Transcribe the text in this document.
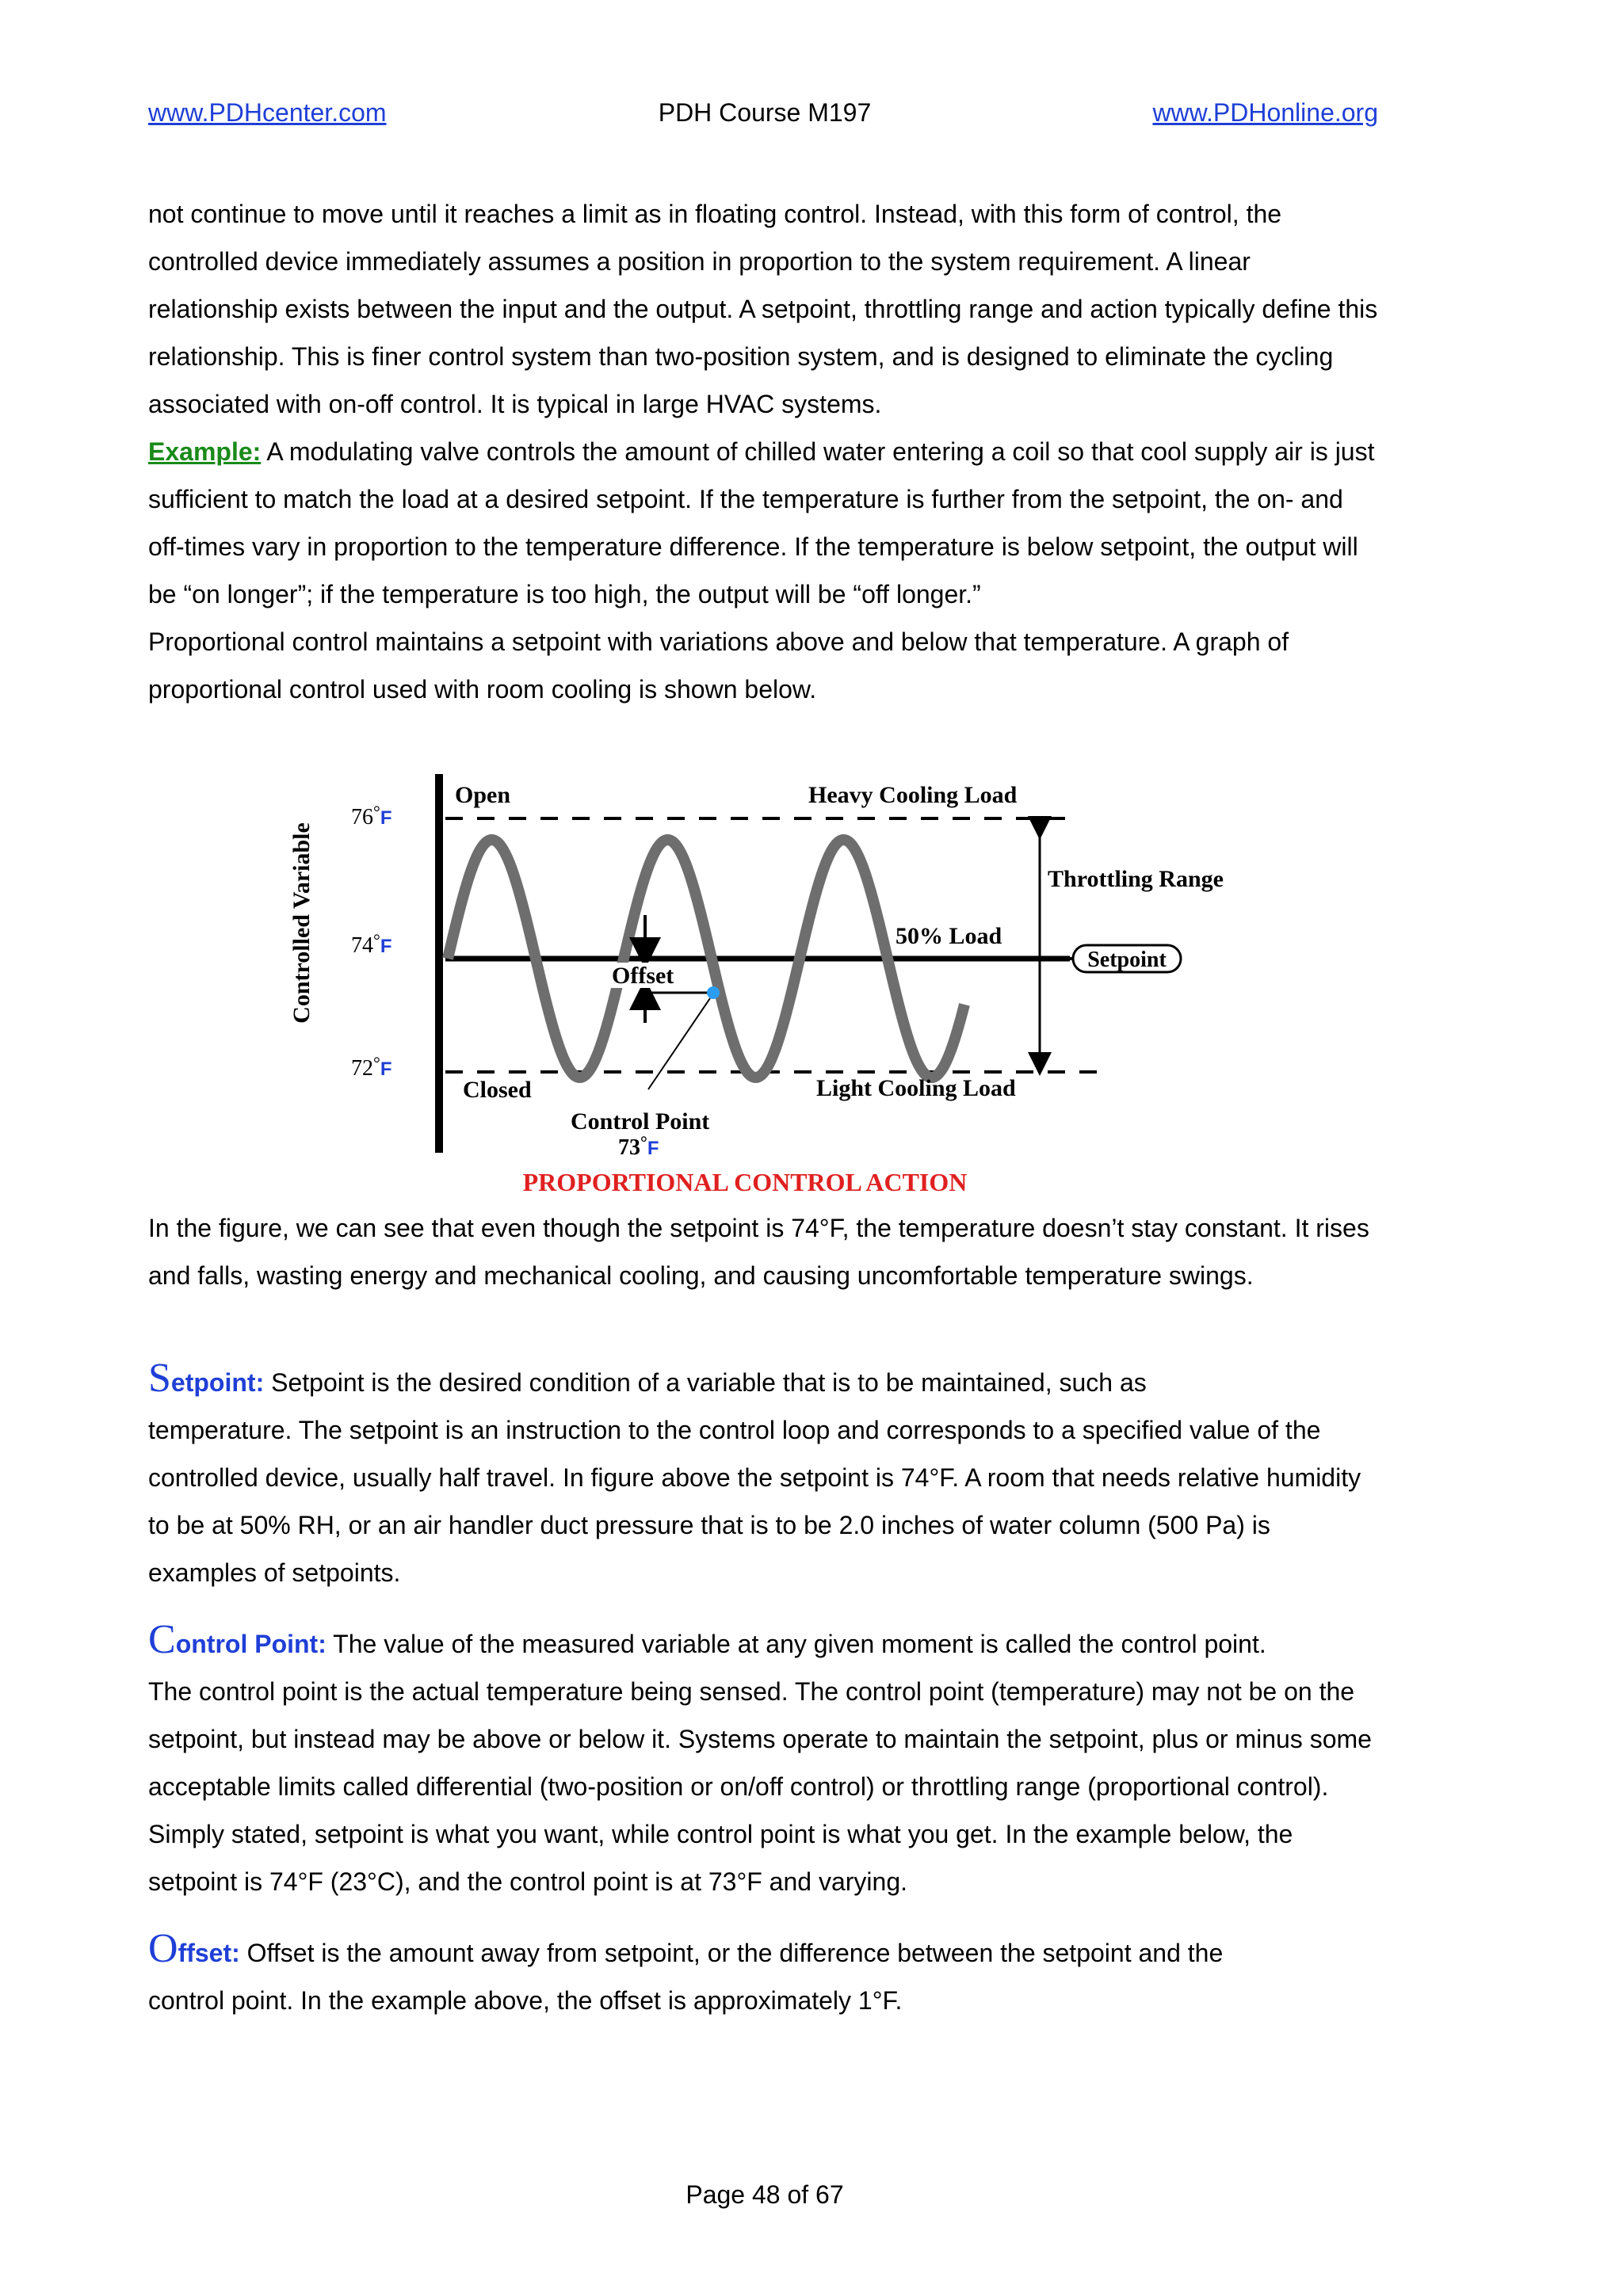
www.PDHcenter.com	PDH Course M197	www.PDHonline.org

not continue to move until it reaches a limit as in floating control. Instead, with this form of control, the controlled device immediately assumes a position in proportion to the system requirement. A linear relationship exists between the input and the output. A setpoint, throttling range and action typically define this relationship. This is finer control system than two-position system, and is designed to eliminate the cycling associated with on-off control. It is typical in large HVAC systems.

Example: A modulating valve controls the amount of chilled water entering a coil so that cool supply air is just sufficient to match the load at a desired setpoint. If the temperature is further from the setpoint, the on- and off-times vary in proportion to the temperature difference. If the temperature is below setpoint, the output will be “on longer”; if the temperature is too high, the output will be “off longer.”

Proportional control maintains a setpoint with variations above and below that temperature. A graph of proportional control used with room cooling is shown below.

Controlled Variable
76°F
74°F
72°F
Open
Closed
Heavy Cooling Load
Light Cooling Load
Throttling Range
50% Load
Setpoint
Offset
Control Point
73°F
PROPORTIONAL CONTROL ACTION
In the figure, we can see that even though the setpoint is 74°F, the temperature doesn’t stay constant. It rises and falls, wasting energy and mechanical cooling, and causing uncomfortable temperature swings.
Setpoint: Setpoint is the desired condition of a variable that is to be maintained, such as
temperature. The setpoint is an instruction to the control loop and corresponds to a specified value of the controlled device, usually half travel. In figure above the setpoint is 74°F. A room that needs relative humidity to be at 50% RH, or an air handler duct pressure that is to be 2.0 inches of water column (500 Pa) is examples of setpoints.
Control Point: The value of the measured variable at any given moment is called the control point.
The control point is the actual temperature being sensed. The control point (temperature) may not be on the setpoint, but instead may be above or below it. Systems operate to maintain the setpoint, plus or minus some acceptable limits called differential (two-position or on/off control) or throttling range (proportional control). Simply stated, setpoint is what you want, while control point is what you get. In the example below, the setpoint is 74°F (23°C), and the control point is at 73°F and varying.
Offset: Offset is the amount away from setpoint, or the difference between the setpoint and the
control point. In the example above, the offset is approximately 1°F.
Page 48 of 67
